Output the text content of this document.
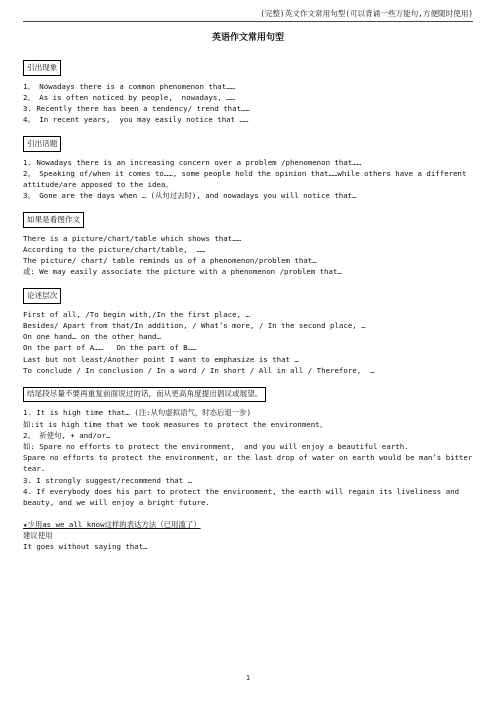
(完整)英文作文常用句型(可以背诵一些万能句,方便随时使用)
英语作文常用句型
引出现象
1。 Nowadays there is a common phenomenon that……
2。 As is often noticed by people,  nowadays, ……
3. Recently there has been a tendency/ trend that……
4。 In recent years,  you may easily notice that ……
引出话题
1. Nowadays there is an increasing concern over a problem /phenomenon that……
2。 Speaking of/when it comes to……, some people hold the opinion that……while others have a different attitude/are apposed to the idea。
3。 Gone are the days when … (从句过去时), and nowadays you will notice that…
如果是看图作文
There is a picture/chart/table which shows that……
According to the picture/chart/table,  ……
The picture/ chart/ table reminds us of a phenomenon/problem that…
或: We may easily associate the picture with a phenomenon /problem that…
论述层次
First of all, /To begin with,/In the first place, …
Besides/ Apart from that/In addition, / What’s more, / In the second place, …
On one hand… on the other hand…
On the part of A……   On the part of B……
Last but not least/Another point I want to emphasize is that …
To conclude / In conclusion / In a word / In short / All in all / Therefore,  …
结尾段尽量不要再重复前面说过的话，而从更高角度提出倡议或展望。
1. It is high time that… (注:从句虚拟语气，时态后退一步)
如:it is high time that we took measures to protect the environment。
2。 祈使句, + and/or…
如: Spare no efforts to protect the environment,  and you will enjoy a beautiful earth.
Spare no efforts to protect the environment, or the last drop of water on earth would be man’s bitter tear.
3. I strongly suggest/recommend that …
4. If everybody does his part to protect the environment, the earth will regain its liveliness and beauty, and we will enjoy a bright future.
★少用as we all know这样的表达方法（已用滥了）
建议使用
It goes without saying that…
1
